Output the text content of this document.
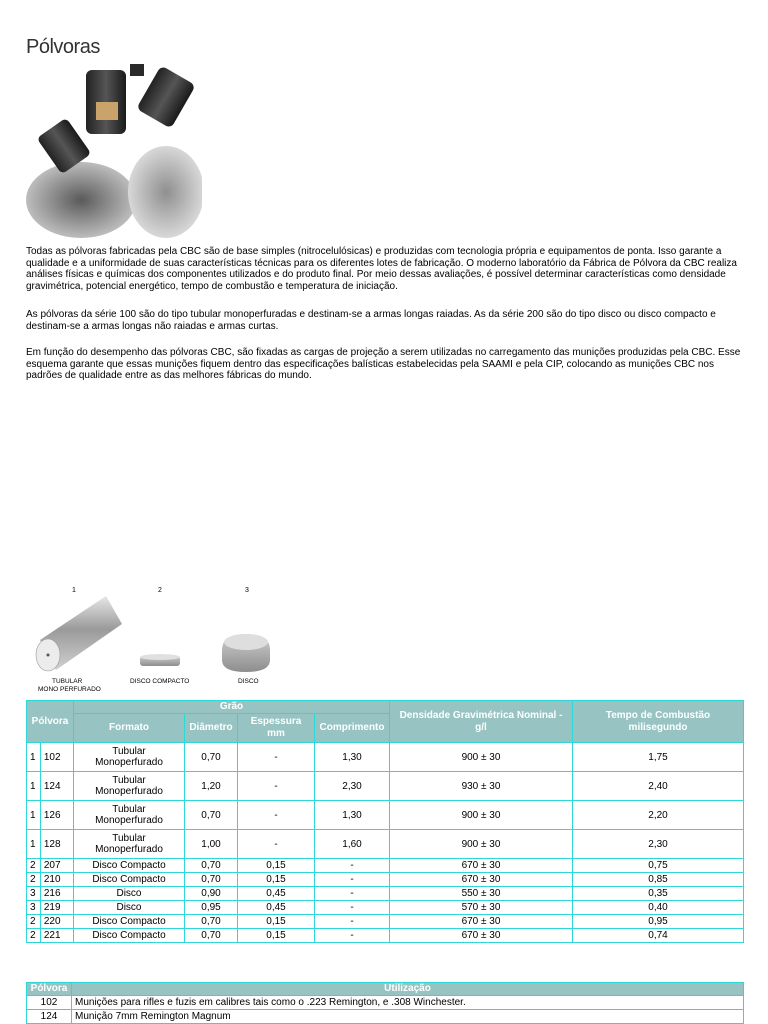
Pólvoras

Todas as pólvoras fabricadas pela CBC são de base simples (nitrocelulósicas) e produzidas com tecnologia própria e equipamentos de ponta. Isso garante a qualidade e a uniformidade de suas características técnicas para os diferentes lotes de fabricação. O moderno laboratório da Fábrica de Pólvora da CBC realiza análises físicas e químicas dos componentes utilizados e do produto final. Por meio dessas avaliações, é possível determinar características como densidade gravimétrica, potencial energético, tempo de combustão e temperatura de iniciação.

As pólvoras da série 100 são do tipo tubular monoperfuradas e destinam-se a armas longas raiadas. As da série 200 são do tipo disco ou disco compacto e destinam-se a armas longas não raiadas e armas curtas.

Em função do desempenho das pólvoras CBC, são fixadas as cargas de projeção a serem utilizadas no carregamento das munições produzidas pela CBC. Esse esquema garante que essas munições fiquem dentro das especificações balísticas estabelecidas pela SAAMI e pela CIP, colocando as munições CBC nos padrões de qualidade entre as das melhores fábricas do mundo.

1	2	3
TUBULAR
MONO PERFURADO
DISCO COMPACTO	DISCO
Pólvora		Grão				Densidade Gravimétrica Nominal - g/l	Tempo de Combustão milisegundo
		Formato	Diâmetro	Espessura mm	Comprimento		
1	102	Tubular Monoperfurado	0,70	-	1,30	900 ± 30	1,75
1	124	Tubular Monoperfurado	1,20	-	2,30	930 ± 30	2,40
1	126	Tubular Monoperfurado	0,70	-	1,30	900 ± 30	2,20
1	128	Tubular Monoperfurado	1,00	-	1,60	900 ± 30	2,30
2	207	Disco Compacto	0,70	0,15	-	670 ± 30	0,75
2	210	Disco Compacto	0,70	0,15	-	670 ± 30	0,85
3	216	Disco	0,90	0,45	-	550 ± 30	0,35
3	219	Disco	0,95	0,45	-	570 ± 30	0,40
2	220	Disco Compacto	0,70	0,15	-	670 ± 30	0,95
2	221	Disco Compacto	0,70	0,15	-	670 ± 30	0,74
Pólvora	Utilização
102	Munições para rifles e fuzis em calibres tais como o .223 Remington, e .308 Winchester.
124	Munição 7mm Remington Magnum
